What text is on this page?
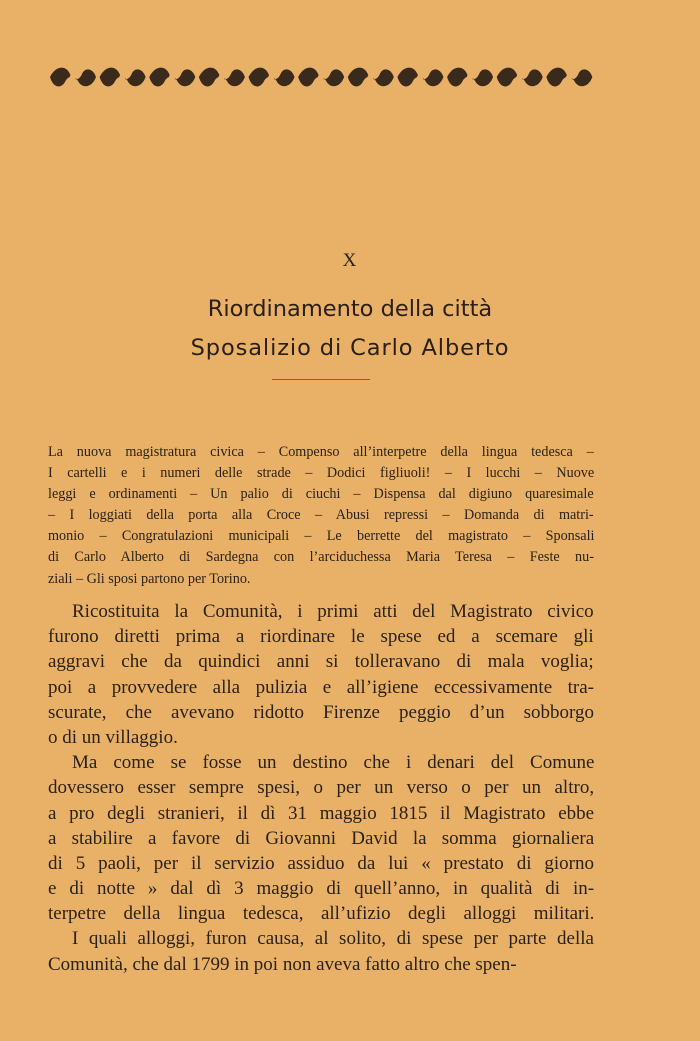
X
Riordinamento della città
Sposalizio di Carlo Alberto
La nuova magistratura civica – Compenso all’interpetre della lingua tedesca –
I cartelli e i numeri delle strade – Dodici figliuoli! – I lucchi – Nuove
leggi e ordinamenti – Un palio di ciuchi – Dispensa dal digiuno quaresimale
– I loggiati della porta alla Croce – Abusi repressi – Domanda di matri-
monio – Congratulazioni municipali – Le berrette del magistrato – Sponsali
di Carlo Alberto di Sardegna con l’arciduchessa Maria Teresa – Feste nu-
ziali – Gli sposi partono per Torino.
Ricostituita la Comunità, i primi atti del Magistrato civico
furono diretti prima a riordinare le spese ed a scemare gli
aggravi che da quindici anni si tolleravano di mala voglia;
poi a provvedere alla pulizia e all’igiene eccessivamente tra-
scurate, che avevano ridotto Firenze peggio d’un sobborgo
o di un villaggio.
Ma come se fosse un destino che i denari del Comune
dovessero esser sempre spesi, o per un verso o per un altro,
a pro degli stranieri, il dì 31 maggio 1815 il Magistrato ebbe
a stabilire a favore di Giovanni David la somma giornaliera
di 5 paoli, per il servizio assiduo da lui « prestato di giorno
e di notte » dal dì 3 maggio di quell’anno, in qualità di in-
terpetre della lingua tedesca, all’ufizio degli alloggi militari.
I quali alloggi, furon causa, al solito, di spese per parte della
Comunità, che dal 1799 in poi non aveva fatto altro che spen-
